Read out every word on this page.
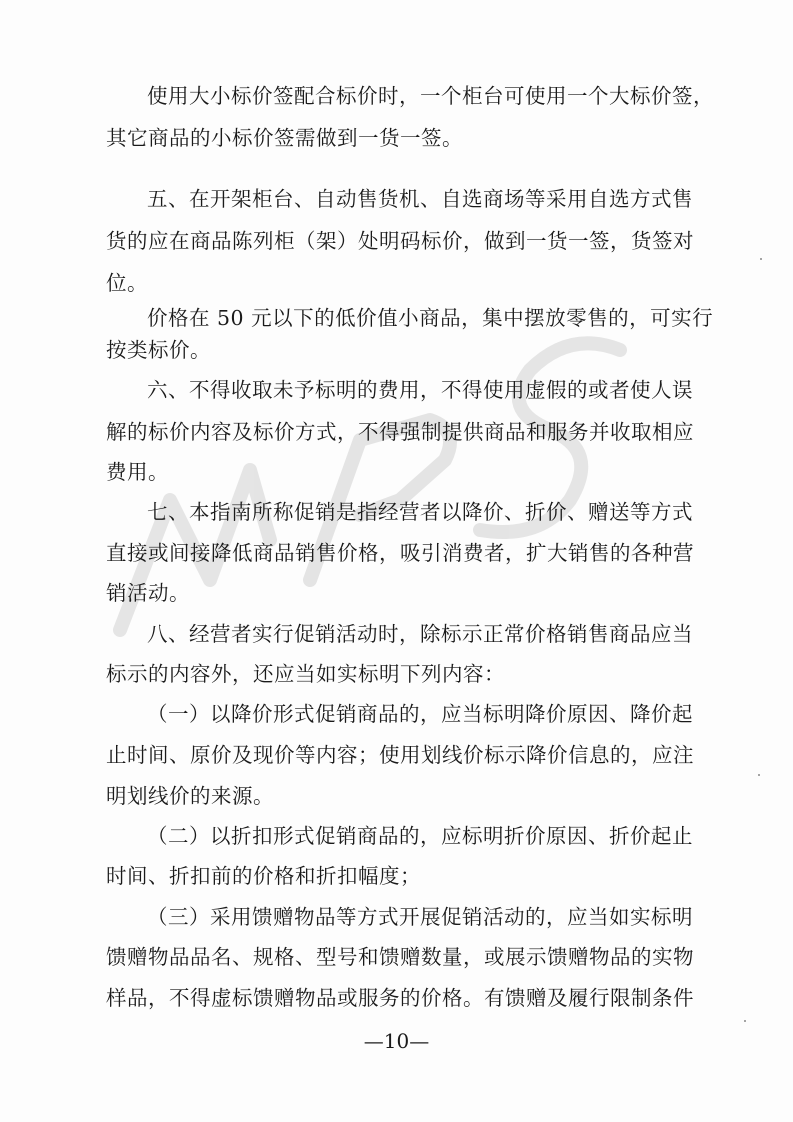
使用大小标价签配合标价时，一个柜台可使用一个大标价签，
其它商品的小标价签需做到一货一签。
五、在开架柜台、自动售货机、自选商场等采用自选方式售
货的应在商品陈列柜（架）处明码标价，做到一货一签，货签对
位。
价格在 50 元以下的低价值小商品，集中摆放零售的，可实行
按类标价。
六、不得收取未予标明的费用，不得使用虚假的或者使人误
解的标价内容及标价方式，不得强制提供商品和服务并收取相应
费用。
七、本指南所称促销是指经营者以降价、折价、赠送等方式
直接或间接降低商品销售价格，吸引消费者，扩大销售的各种营
销活动。
八、经营者实行促销活动时，除标示正常价格销售商品应当
标示的内容外，还应当如实标明下列内容：
（一）以降价形式促销商品的，应当标明降价原因、降价起
止时间、原价及现价等内容；使用划线价标示降价信息的，应注
明划线价的来源。
（二）以折扣形式促销商品的，应标明折价原因、折价起止
时间、折扣前的价格和折扣幅度；
（三）采用馈赠物品等方式开展促销活动的，应当如实标明
馈赠物品品名、规格、型号和馈赠数量，或展示馈赠物品的实物
样品，不得虚标馈赠物品或服务的价格。有馈赠及履行限制条件
—10—
